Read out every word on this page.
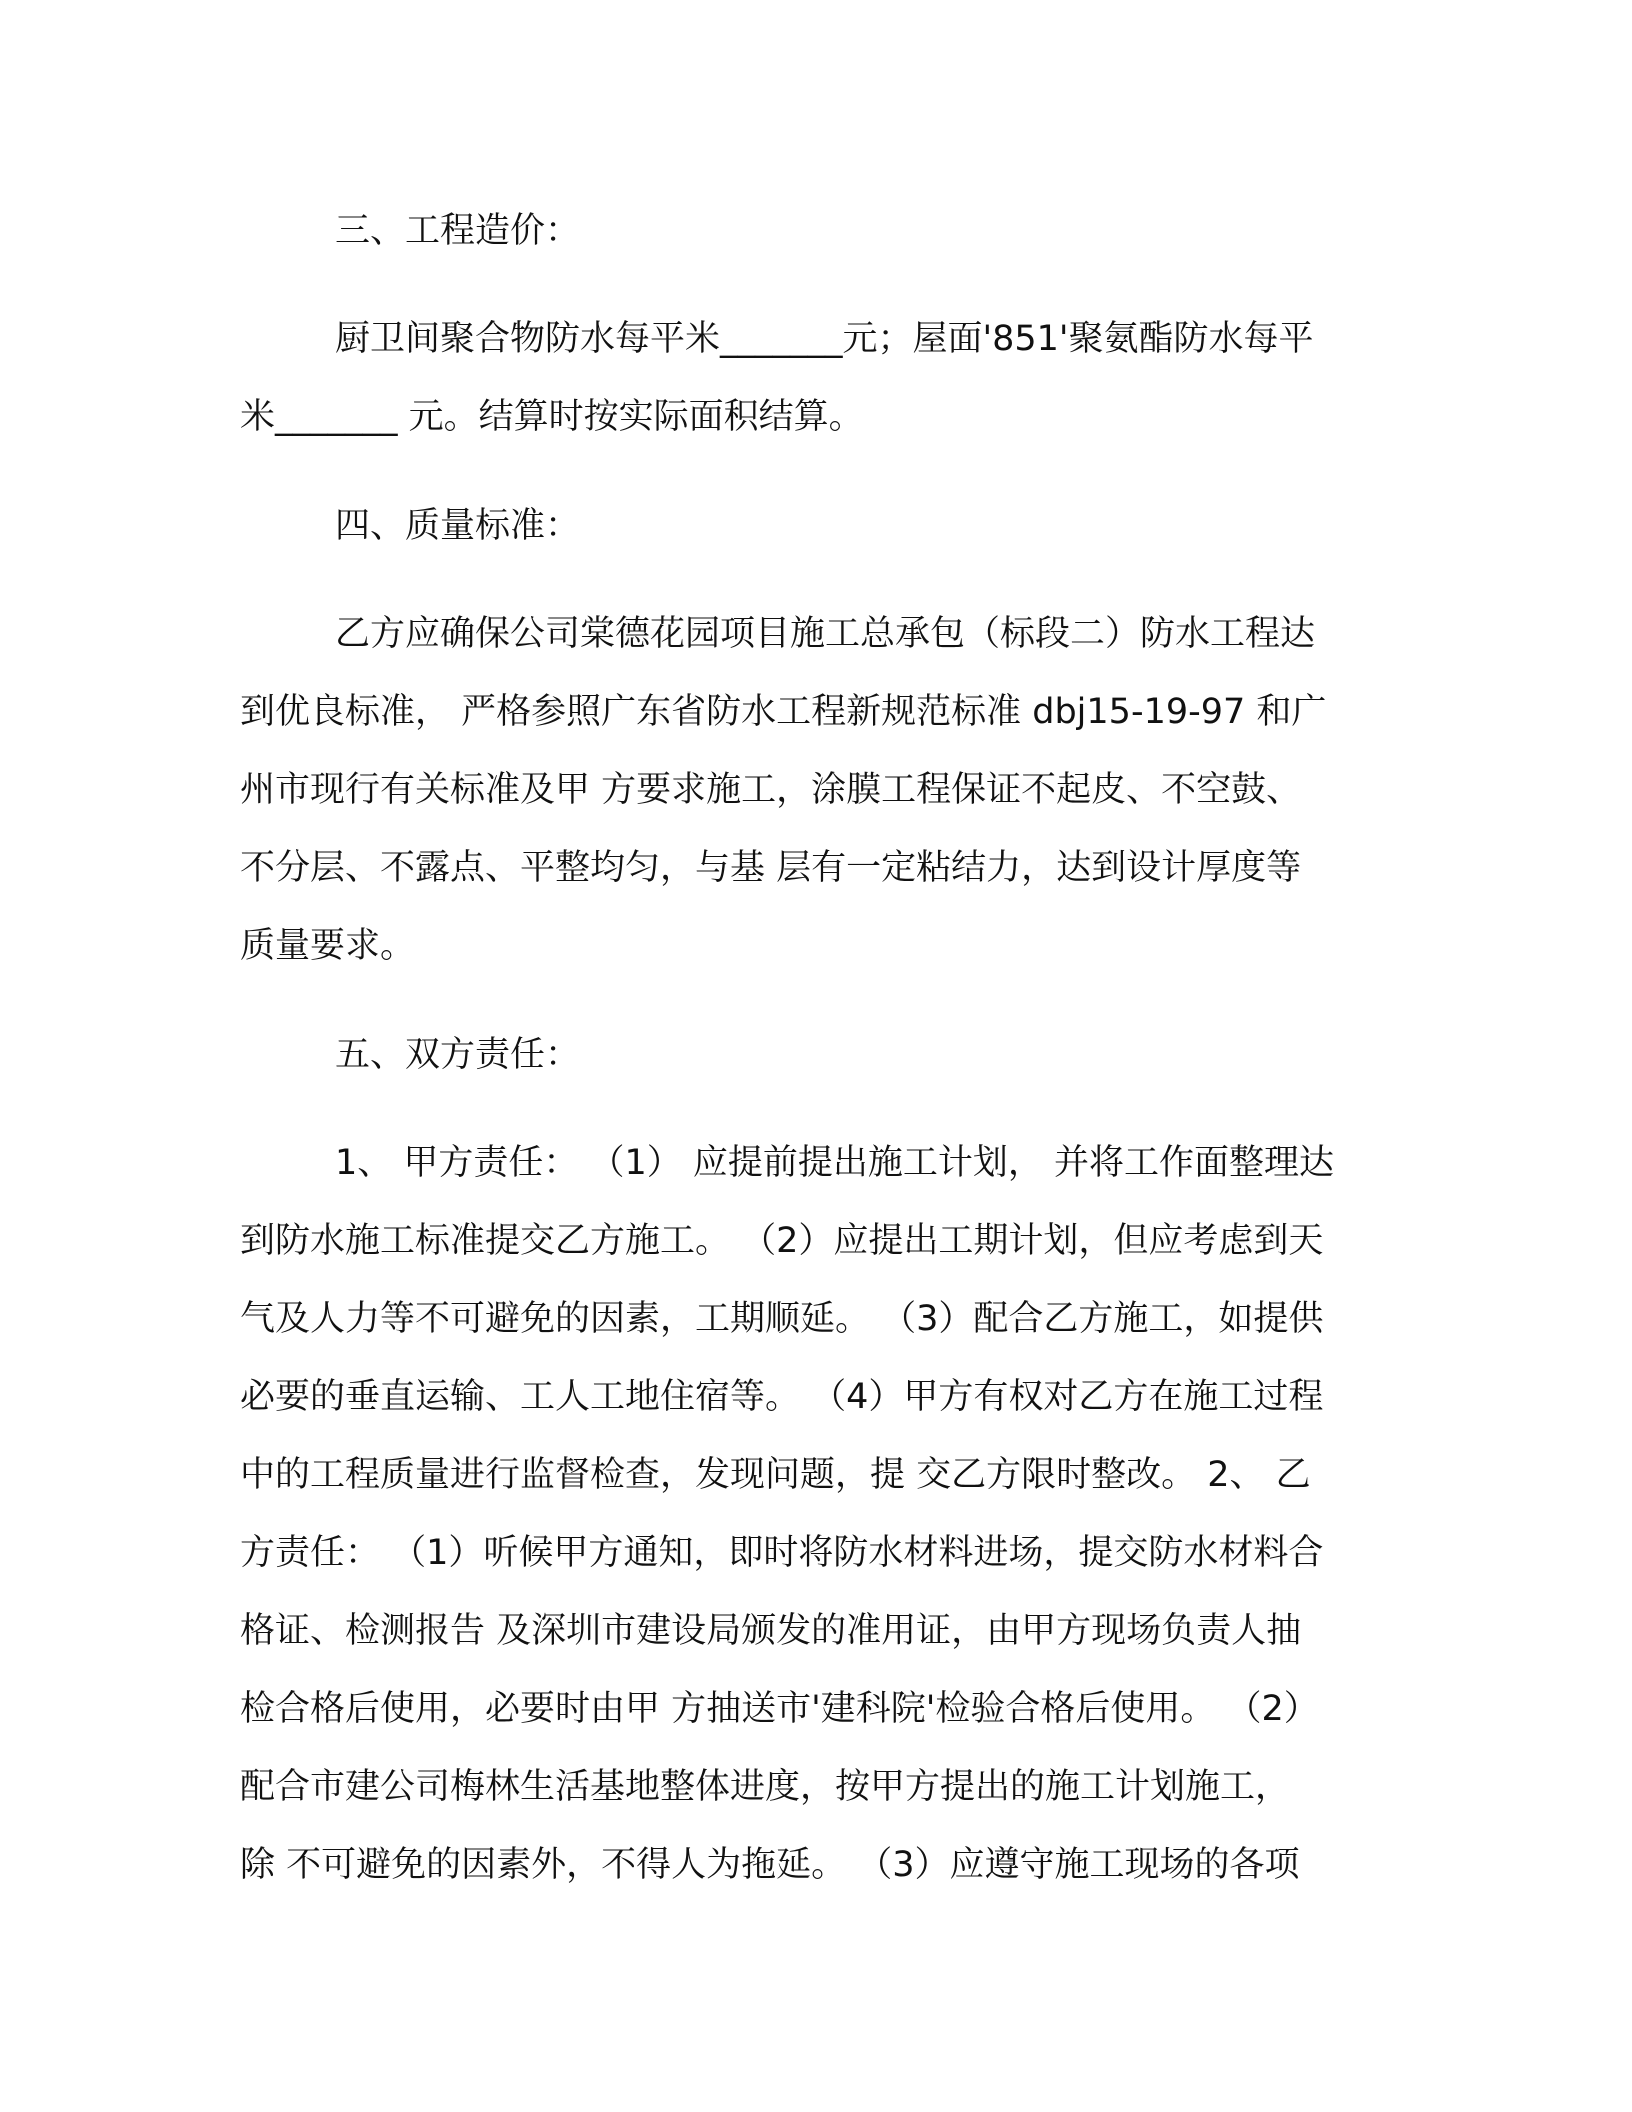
三、工程造价：

厨卫间聚合物防水每平米_______元；屋面'851'聚氨酯防水每平
米_______ 元。结算时按实际面积结算。

四、质量标准：

乙方应确保公司棠德花园项目施工总承包（标段二）防水工程达
到优良标准， 严格参照广东省防水工程新规范标准 dbj15-19-97 和广
州市现行有关标准及甲 方要求施工，涂膜工程保证不起皮、不空鼓、
不分层、不露点、平整均匀，与基 层有一定粘结力，达到设计厚度等
质量要求。

五、双方责任：

1、 甲方责任： （1） 应提前提出施工计划， 并将工作面整理达
到防水施工标准提交乙方施工。 （2）应提出工期计划，但应考虑到天
气及人力等不可避免的因素，工期顺延。 （3）配合乙方施工，如提供
必要的垂直运输、工人工地住宿等。 （4）甲方有权对乙方在施工过程
中的工程质量进行监督检查，发现问题，提 交乙方限时整改。 2、 乙
方责任： （1）听候甲方通知，即时将防水材料进场，提交防水材料合
格证、检测报告 及深圳市建设局颁发的准用证，由甲方现场负责人抽
检合格后使用，必要时由甲 方抽送市'建科院'检验合格后使用。 （2）
配合市建公司梅林生活基地整体进度，按甲方提出的施工计划施工，
除 不可避免的因素外，不得人为拖延。 （3）应遵守施工现场的各项
